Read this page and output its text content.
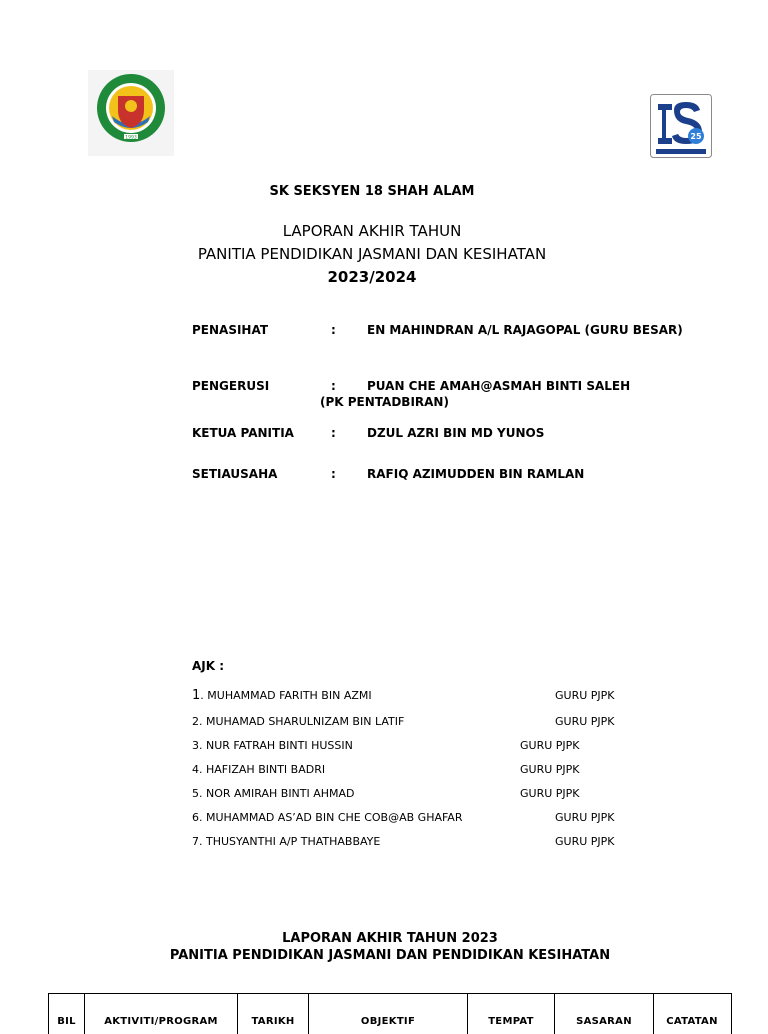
1993	25
SK SEKSYEN 18 SHAH ALAM
LAPORAN AKHIR TAHUN
PANITIA PENDIDIKAN JASMANI DAN KESIHATAN
2023/2024
PENASIHAT	:	EN MAHINDRAN A/L RAJAGOPAL (GURU BESAR)
PENGERUSI	:	PUAN CHE AMAH@ASMAH BINTI SALEH
(PK PENTADBIRAN)
KETUA PANITIA	:	DZUL AZRI BIN MD YUNOS
SETIAUSAHA	:	RAFIQ AZIMUDDEN BIN RAMLAN
AJK :
1. MUHAMMAD FARITH BIN AZMI	GURU PJPK
2. MUHAMAD SHARULNIZAM BIN LATIF	GURU PJPK
3. NUR FATRAH BINTI HUSSIN	GURU PJPK
4. HAFIZAH BINTI BADRI	GURU PJPK
5. NOR AMIRAH BINTI AHMAD	GURU PJPK
6. MUHAMMAD AS’AD BIN CHE COB@AB GHAFAR	GURU PJPK
7. THUSYANTHI A/P THATHABBAYE	GURU PJPK
LAPORAN AKHIR TAHUN 2023
PANITIA PENDIDIKAN JASMANI DAN PENDIDIKAN KESIHATAN
BIL	AKTIVITI/PROGRAM	TARIKH	OBJEKTIF	TEMPAT	SASARAN	CATATAN
